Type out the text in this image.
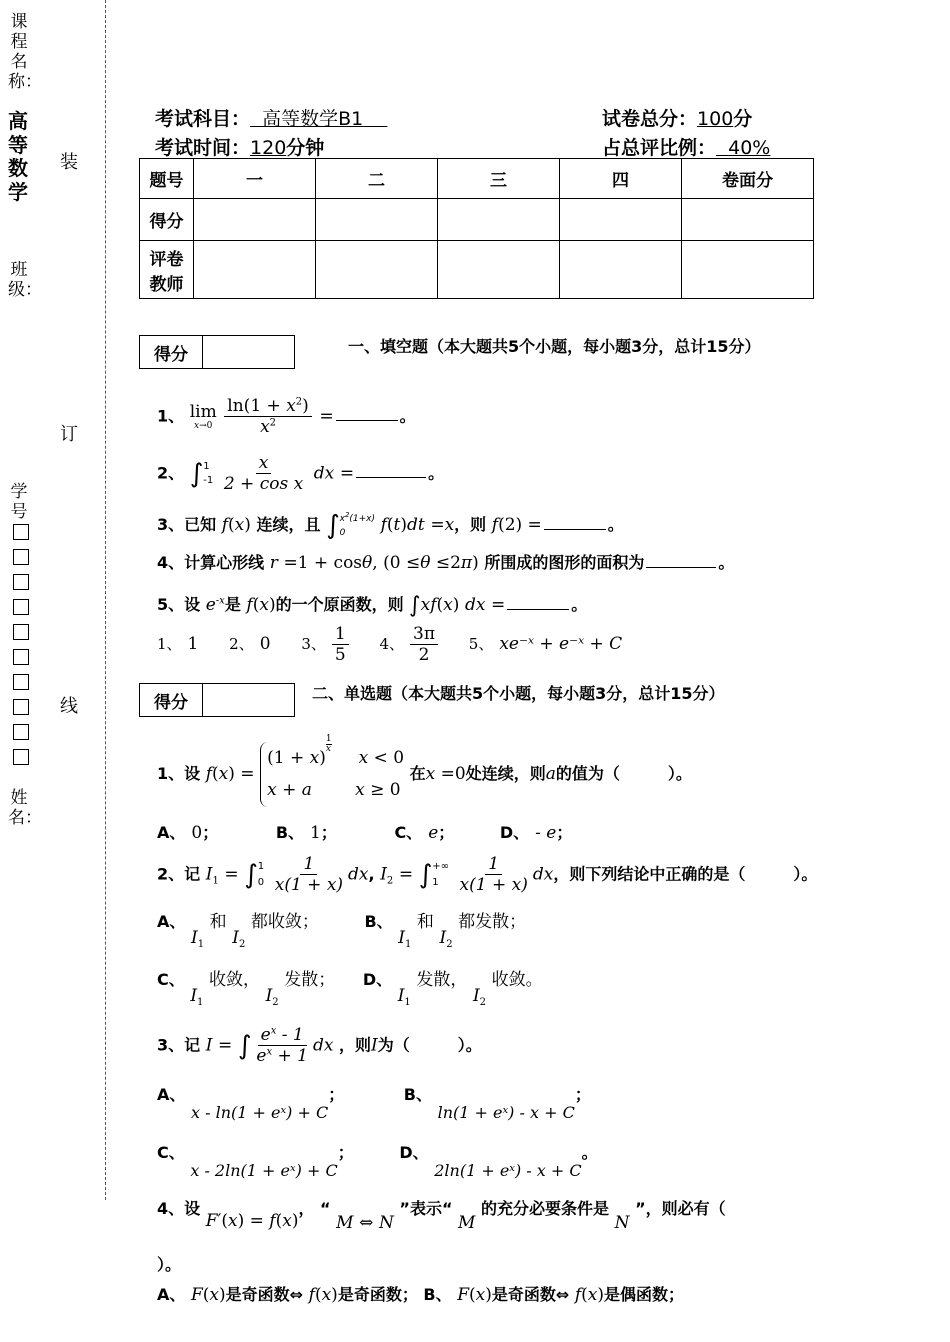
课程名称：
高等数学
班级：
学号
姓名：
装
订
线
考试科目： 高等数学B1	试卷总分：100分
考试时间：120分钟	占总评比例： 40%
题号	一	二	三	四	卷面分
得分					
评卷
教师					
得分	一、填空题（本大题共5个小题，每小题3分，总计15分）
1、 lim
x→0
$\frac{\ln(1 + x^2)}{x^2}$ =	。
2、 ∫ 1
-1
$\frac{x}{\text{2 + cos x}}$ dx =	。
3、已知 f(x) 连续，且 ∫ $x^2(1+x)$
0	f(t)dt =x，则 f(2) =	。
4、计算心形线 r =1 + cosθ, (0 ≤θ ≤2π) 所围成的图形的面积为	。
5、设 $e^{-x}$是 f(x)的一个原函数，则 ∫xf(x) dx =	。
1、 1 2、 0 3、 $\frac{1}{5} 4$、 $\frac{3\pi}{2} 5$、 xe⁻ˣ + e⁻ˣ + C
得分	二、单选题（本大题共5个小题，每小题3分，总计15分）
1、设 f(x) =
(1 + x)
$^{\frac{1}{x}}$
x < 0
x + a	x ≥ 0
在x =0处连续，则a的值为（　　　）。
A、 0；	B、 1；	C、 e；	D、 - e；
2、记 $I_1$ = ∫ 1
0
$\frac{1}{x(1 + x)}$ dx, $I_2$ = ∫ +∞
1
	$\frac{1}{x(1 + x)}$ dx，则下列结论中正确的是（　　　）。
A、 $I_1$ 和 $I_2$ 都收敛；	B、 $I_1$ 和 $I_2$ 都发散；
C、 $I_1$ 收敛， $I_2$ 发散； D、 $I_1$ 发散， $I_2$ 收敛。
3、记 I = ∫ $\frac{e^x - 1}{e^x + 1}$ dx ，则I为（　　　）。
A、 x - ln(1 + eˣ) + C；	B、 ln(1 + eˣ) - x + C；
C、 x - 2ln(1 + eˣ) + C；	D、 2ln(1 + eˣ) - x + C。
4、设 F′(x) = f(x)， “ M ⇔ N ”表示“ M 的充分必要条件是 N ”，则必有（
）。
A、 F(x)是奇函数⇔ f(x)是奇函数； B、 F(x)是奇函数⇔ f(x)是偶函数；
